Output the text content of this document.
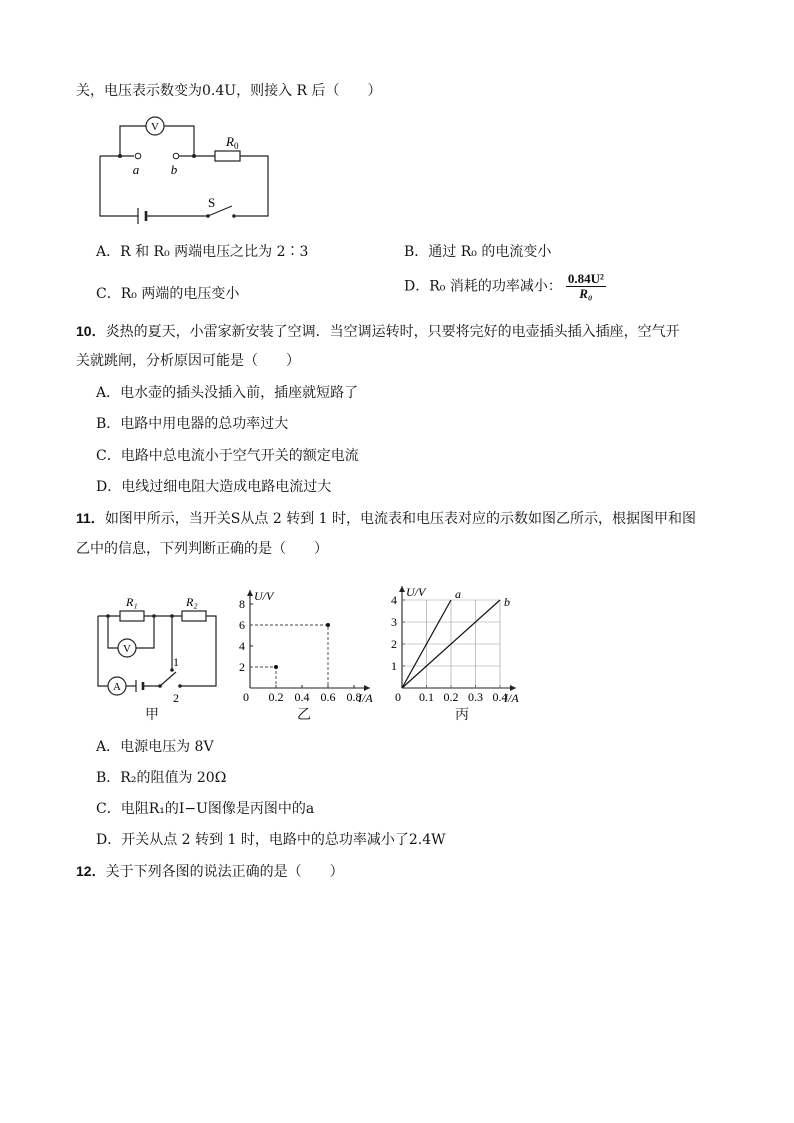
关，电压表示数变为0.4U，则接入 R 后（　　）
V
a b
$R_0$
S
A．R 和 R₀ 两端电压之比为 2∶3	B．通过 R₀ 的电流变小
C．R₀ 两端的电压变小	D．R₀ 消耗的功率减小： $\frac{\text{0.84U²}}{\text{R₀}}$
10．炎热的夏天，小雷家新安装了空调．当空调运转时，只要将完好的电壶插头插入插座，空气开
关就跳闸，分析原因可能是（　　）
A．电水壶的插头没插入前，插座就短路了
B．电路中用电器的总功率过大
C．电路中总电流小于空气开关的额定电流
D．电线过细电阻大造成电路电流过大
11．如图甲所示，当开关S从点 2 转到 1 时，电流表和电压表对应的示数如图乙所示，根据图甲和图
乙中的信息，下列判断正确的是（　　）
V
A
R₁	R₂
1
2
甲
0.2 0.4 0.6 0.8
2
4
6
8
0
U/V
I/A
乙
0.1 0.2 0.3 0.4
1
2
3
4
0
U/V
I/A
a
b
丙
A．电源电压为 8V
B．R₂的阻值为 20Ω
C．电阻R₁的I−U图像是丙图中的a
D．开关从点 2 转到 1 时，电路中的总功率减小了2.4W
12．关于下列各图的说法正确的是（　　）
